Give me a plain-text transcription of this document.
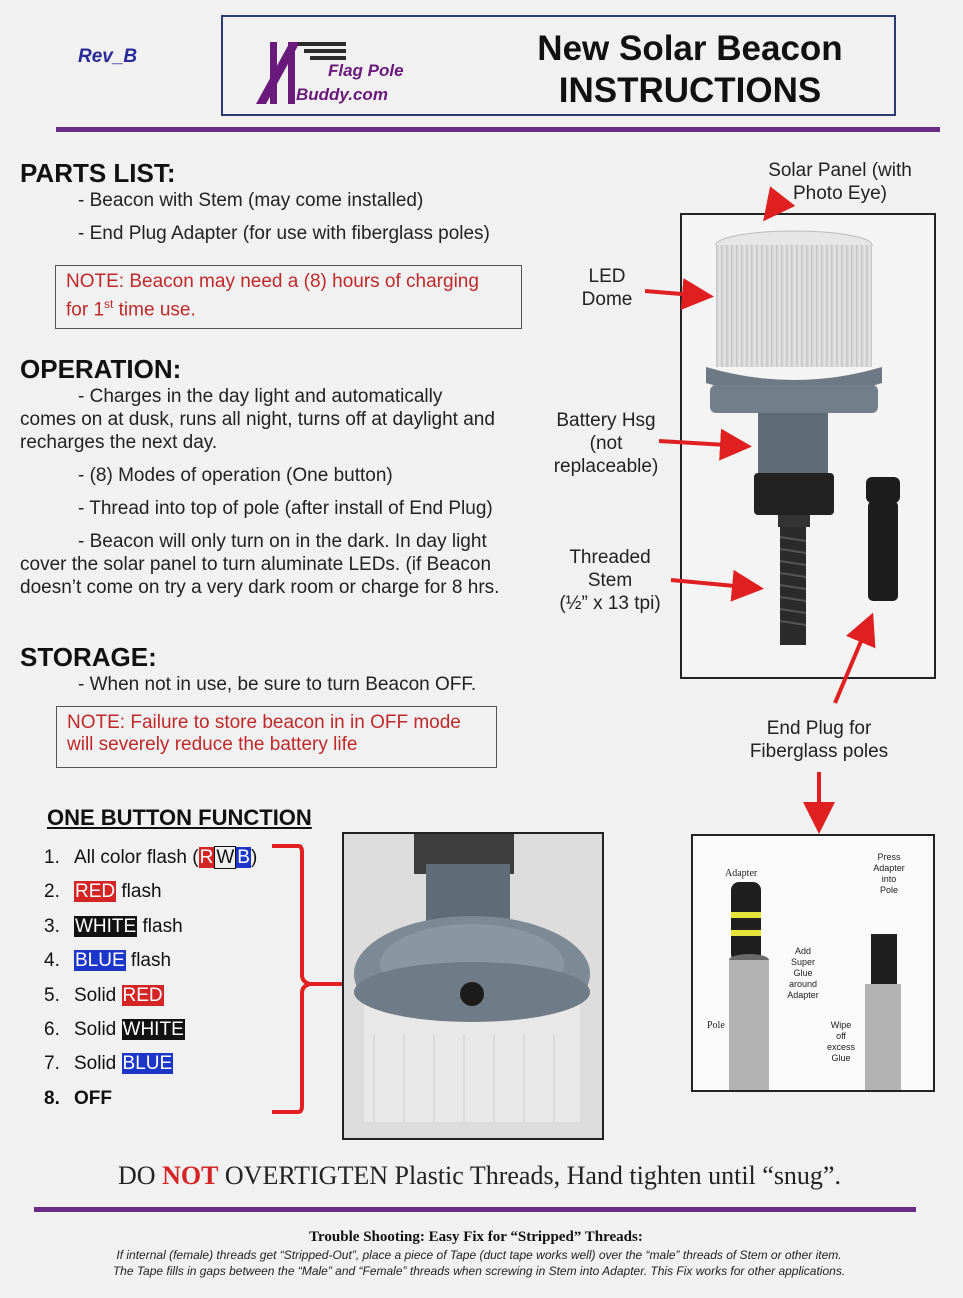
Rev_B
Flag Pole
Buddy.com
New Solar Beacon
INSTRUCTIONS
PARTS LIST:
- Beacon with Stem (may come installed)
- End Plug Adapter (for use with fiberglass poles)
NOTE: Beacon may need a (8) hours of charging
for 1st time use.
OPERATION:
- Charges in the day light and automatically
comes on at dusk, runs all night, turns off at daylight and
recharges the next day.
- (8) Modes of operation (One button)
- Thread into top of pole (after install of End Plug)
- Beacon will only turn on in the dark. In day light
cover the solar panel to turn aluminate LEDs. (if Beacon
doesn’t come on try a very dark room or charge for 8 hrs.
STORAGE:
- When not in use, be sure to turn Beacon OFF.
NOTE: Failure to store beacon in in OFF mode
will severely reduce the battery life
Solar Panel (with
Photo Eye)
LED
Dome
Battery Hsg
(not
replaceable)
Threaded
Stem
(½” x 13 tpi)
End Plug for
Fiberglass poles
ONE BUTTON FUNCTION
1. All color flash (R W B)
2. RED flash
3. WHITE flash
4. BLUE flash
5. Solid RED
6. Solid WHITE
7. Solid BLUE
8. OFF
Adapter
Press
Adapter
into
Pole
Add
Super
Glue
around
Adapter
Pole	Wipe
off
excess
Glue
DO NOT OVERTIGTEN Plastic Threads, Hand tighten until “snug”.
Trouble Shooting: Easy Fix for “Stripped” Threads:
If internal (female) threads get “Stripped-Out”, place a piece of Tape (duct tape works well) over the “male” threads of Stem or other item.
The Tape fills in gaps between the “Male” and “Female” threads when screwing in Stem into Adapter. This Fix works for other applications.
